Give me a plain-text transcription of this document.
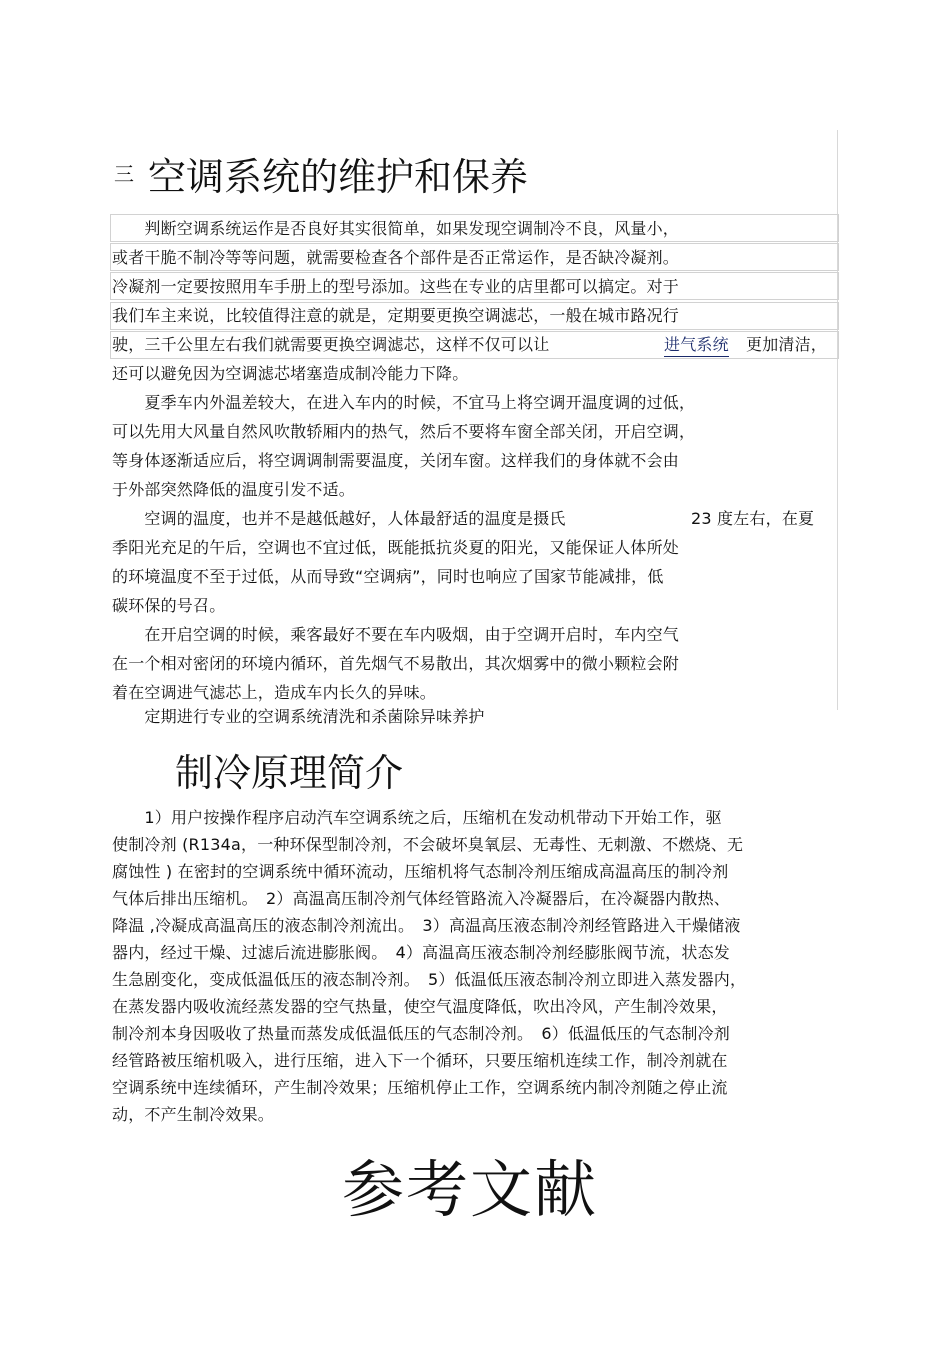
三 空调系统的维护和保养
　　判断空调系统运作是否良好其实很简单，如果发现空调制冷不良，风量小，
或者干脆不制冷等等问题，就需要检查各个部件是否正常运作，是否缺冷凝剂。
冷凝剂一定要按照用车手册上的型号添加。这些在专业的店里都可以搞定。对于
我们车主来说，比较值得注意的就是，定期要更换空调滤芯，一般在城市路况行
驶，三千公里左右我们就需要更换空调滤芯，这样不仅可以让	进气系统 更加清洁，
还可以避免因为空调滤芯堵塞造成制冷能力下降。
　　夏季车内外温差较大，在进入车内的时候，不宜马上将空调开温度调的过低，
可以先用大风量自然风吹散轿厢内的热气，然后不要将车窗全部关闭，开启空调，
等身体逐渐适应后，将空调调制需要温度，关闭车窗。这样我们的身体就不会由
于外部突然降低的温度引发不适。
　　空调的温度，也并不是越低越好，人体最舒适的温度是摄氏	23 度左右，在夏
季阳光充足的午后，空调也不宜过低，既能抵抗炎夏的阳光，又能保证人体所处
的环境温度不至于过低，从而导致“空调病”，同时也响应了国家节能减排，低
碳环保的号召。
　　在开启空调的时候，乘客最好不要在车内吸烟，由于空调开启时，车内空气
在一个相对密闭的环境内循环，首先烟气不易散出，其次烟雾中的微小颗粒会附
着在空调进气滤芯上，造成车内长久的异味。
　　定期进行专业的空调系统清洗和杀菌除异味养护
制冷原理简介
　　1）用户按操作程序启动汽车空调系统之后，压缩机在发动机带动下开始工作，驱
使制冷剂 (R134a，一种环保型制冷剂，不会破坏臭氧层、无毒性、无刺激、不燃烧、无
腐蚀性 ) 在密封的空调系统中循环流动，压缩机将气态制冷剂压缩成高温高压的制冷剂
气体后排出压缩机。　2）高温高压制冷剂气体经管路流入冷凝器后，在冷凝器内散热、
降温 ,冷凝成高温高压的液态制冷剂流出。　3）高温高压液态制冷剂经管路进入干燥储液
器内，经过干燥、过滤后流进膨胀阀。　4）高温高压液态制冷剂经膨胀阀节流，状态发
生急剧变化，变成低温低压的液态制冷剂。　5）低温低压液态制冷剂立即进入蒸发器内，
在蒸发器内吸收流经蒸发器的空气热量，使空气温度降低，吹出冷风，产生制冷效果，
制冷剂本身因吸收了热量而蒸发成低温低压的气态制冷剂。　6）低温低压的气态制冷剂
经管路被压缩机吸入，进行压缩，进入下一个循环，只要压缩机连续工作，制冷剂就在
空调系统中连续循环，产生制冷效果；压缩机停止工作，空调系统内制冷剂随之停止流
动，不产生制冷效果。
参考文献
